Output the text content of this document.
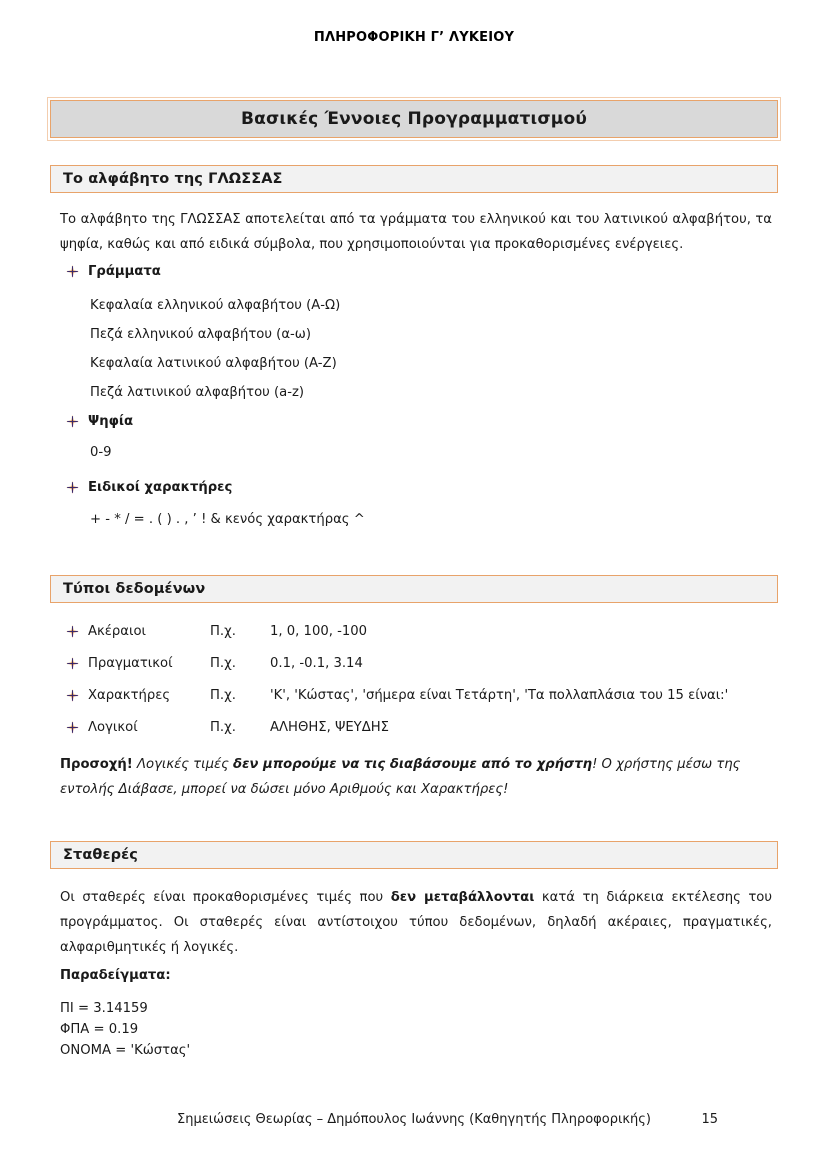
ΠΛΗΡΟΦΟΡΙΚΗ Γ’ ΛΥΚΕΙΟΥ
Βασικές Έννοιες Προγραμματισμού
Το αλφάβητο της ΓΛΩΣΣΑΣ
Το αλφάβητο της ΓΛΩΣΣΑΣ αποτελείται από τα γράμματα του ελληνικού και του λατινικού αλφαβήτου, τα ψηφία, καθώς και από ειδικά σύμβολα, που χρησιμοποιούνται για προκαθορισμένες ενέργειες.
Γράμματα
Κεφαλαία ελληνικού αλφαβήτου (Α-Ω)
Πεζά ελληνικού αλφαβήτου (α-ω)
Κεφαλαία λατινικού αλφαβήτου (A-Z)
Πεζά λατινικού αλφαβήτου (a-z)
Ψηφία
0-9
Ειδικοί χαρακτήρες
+ - * / = . ( ) . , ’ ! & κενός χαρακτήρας ^
Τύποι δεδομένων
Ακέραιοι	Π.χ.	1, 0, 100, -100
Πραγματικοί	Π.χ.	0.1, -0.1, 3.14
Χαρακτήρες	Π.χ.	'Κ', 'Κώστας', 'σήμερα είναι Τετάρτη', 'Τα πολλαπλάσια του 15 είναι:'
Λογικοί	Π.χ.	ΑΛΗΘΗΣ, ΨΕΥΔΗΣ
Προσοχή! Λογικές τιμές δεν μπορούμε να τις διαβάσουμε από το χρήστη! Ο χρήστης μέσω της εντολής Διάβασε, μπορεί να δώσει μόνο Αριθμούς και Χαρακτήρες!
Σταθερές
Οι σταθερές είναι προκαθορισμένες τιμές που δεν μεταβάλλονται κατά τη διάρκεια εκτέλεσης του προγράμματος. Οι σταθερές είναι αντίστοιχου τύπου δεδομένων, δηλαδή ακέραιες, πραγματικές, αλφαριθμητικές ή λογικές.
Παραδείγματα:
ΠΙ = 3.14159
ΦΠΑ = 0.19
ΟΝΟΜΑ = 'Κώστας'
Σημειώσεις Θεωρίας – Δημόπουλος Ιωάννης (Καθηγητής Πληροφορικής)	15
